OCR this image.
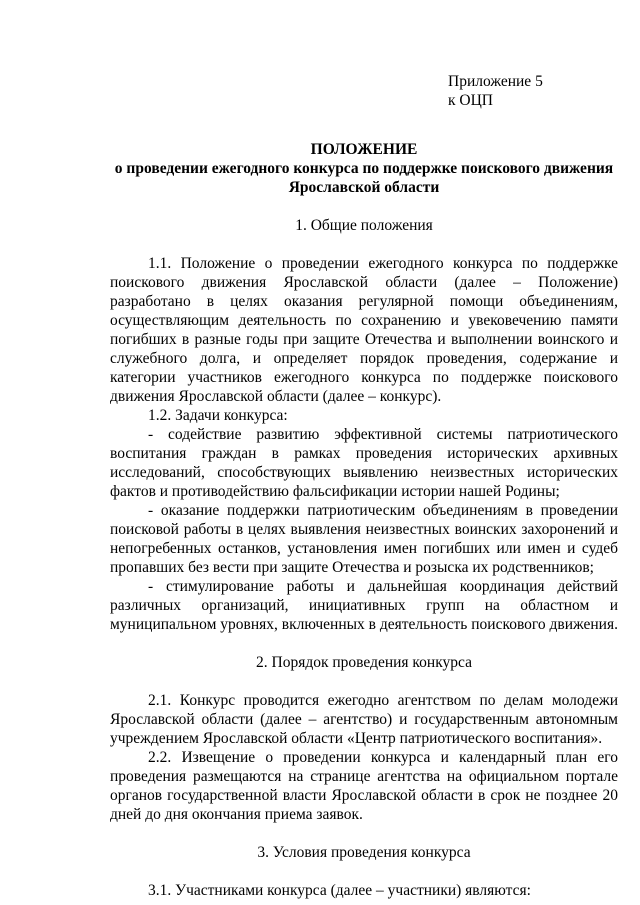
Приложение 5
к ОЦП
ПОЛОЖЕНИЕ
о проведении ежегодного конкурса по поддержке поискового движения
Ярославской области
1. Общие положения

1.1. Положение о проведении ежегодного конкурса по поддержке поискового движения Ярославской области (далее – Положение) разработано в целях оказания регулярной помощи объединениям, осуществляющим деятельность по сохранению и увековечению памяти погибших в разные годы при защите Отечества и выполнении воинского и служебного долга, и определяет порядок проведения, содержание и категории участников ежегодного конкурса по поддержке поискового движения Ярославской области (далее – конкурс).

1.2. Задачи конкурса:

- содействие развитию эффективной системы патриотического воспитания граждан в рамках проведения исторических архивных исследований, способствующих выявлению неизвестных исторических фактов и противодействию фальсификации истории нашей Родины;

- оказание поддержки патриотическим объединениям в проведении поисковой работы в целях выявления неизвестных воинских захоронений и непогребенных останков, установления имен погибших или имен и судеб пропавших без вести при защите Отечества и розыска их родственников;

- стимулирование работы и дальнейшая координация действий различных организаций, инициативных групп на областном и муниципальном уровнях, включенных в деятельность поискового движения.

2. Порядок проведения конкурса

2.1. Конкурс проводится ежегодно агентством по делам молодежи Ярославской области (далее – агентство) и государственным автономным учреждением Ярославской области «Центр патриотического воспитания».

2.2. Извещение о проведении конкурса и календарный план его проведения размещаются на странице агентства на официальном портале органов государственной власти Ярославской области в срок не позднее 20 дней до дня окончания приема заявок.

3. Условия проведения конкурса

3.1. Участниками конкурса (далее – участники) являются:
